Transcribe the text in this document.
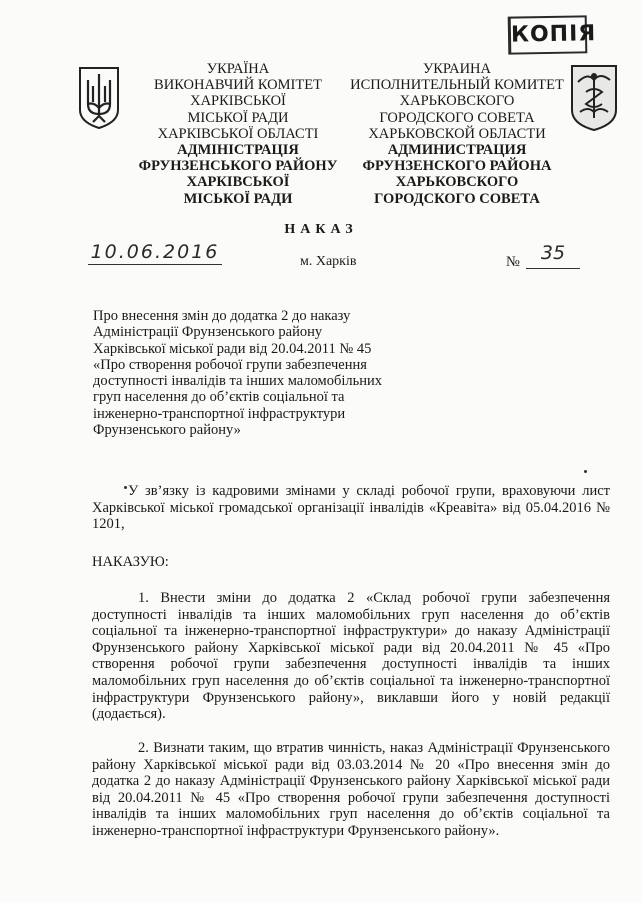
КОПІЯ
УКРАЇНА
ВИКОНАВЧИЙ КОМІТЕТ
ХАРКІВСЬКОЇ
МІСЬКОЇ РАДИ
ХАРКІВСЬКОЇ ОБЛАСТІ
АДМІНІСТРАЦІЯ
ФРУНЗЕНСЬКОГО РАЙОНУ
ХАРКІВСЬКОЇ
МІСЬКОЇ РАДИ
УКРАИНА
ИСПОЛНИТЕЛЬНЫЙ КОМИТЕТ
ХАРЬКОВСКОГО
ГОРОДСКОГО СОВЕТА
ХАРЬКОВСКОЙ ОБЛАСТИ
АДМИНИСТРАЦИЯ
ФРУНЗЕНСКОГО РАЙОНА
ХАРЬКОВСКОГО
ГОРОДСКОГО СОВЕТА
НАКАЗ
10.06.2016	м. Харків	№	35
Про внесення змін до додатка 2 до наказу
Адміністрації Фрунзенського району
Харківської міської ради від 20.04.2011 № 45
«Про створення робочої групи забезпечення
доступності інвалідів та інших маломобільних
груп населення до об’єктів соціальної та
інженерно-транспортної інфраструктури
Фрунзенського району»
У зв’язку із кадровими змінами у складі робочої групи, враховуючи лист Харківської міської громадської організації інвалідів «Креавіта» від 05.04.2016 № 1201,
НАКАЗУЮ:
1. Внести зміни до додатка 2 «Склад робочої групи забезпечення доступності інвалідів та інших маломобільних груп населення до об’єктів соціальної та інженерно-транспортної інфраструктури» до наказу Адміністрації Фрунзенського району Харківської міської ради від 20.04.2011 № 45 «Про створення робочої групи забезпечення доступності інвалідів та інших маломобільних груп населення до об’єктів соціальної та інженерно-транспортної інфраструктури Фрунзенського району», виклавши його у новій редакції (додається).
2. Визнати таким, що втратив чинність, наказ Адміністрації Фрунзенського району Харківської міської ради від 03.03.2014 № 20 «Про внесення змін до додатка 2 до наказу Адміністрації Фрунзенського району Харківської міської ради від 20.04.2011 № 45 «Про створення робочої групи забезпечення доступності інвалідів та інших маломобільних груп населення до об’єктів соціальної та інженерно-транспортної інфраструктури Фрунзенського району».
